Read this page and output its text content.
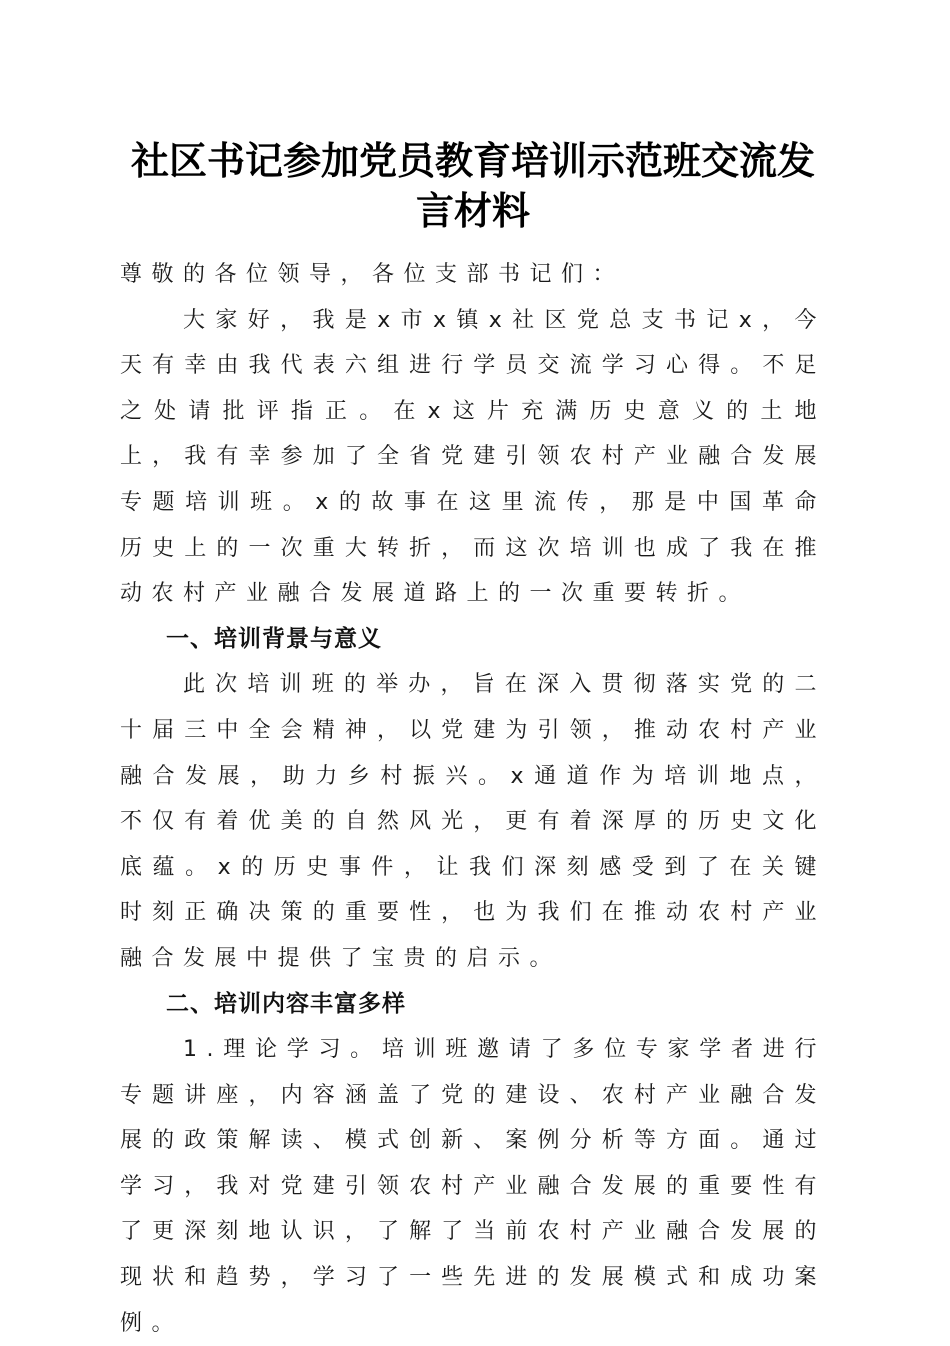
社区书记参加党员教育培训示范班交流发言材料

尊敬的各位领导，各位支部书记们：

大家好，我是x市x镇x社区党总支书记x，今天有幸由我代表六组进行学员交流学习心得。不足之处请批评指正。在x这片充满历史意义的土地上，我有幸参加了全省党建引领农村产业融合发展专题培训班。x的故事在这里流传，那是中国革命历史上的一次重大转折，而这次培训也成了我在推动农村产业融合发展道路上的一次重要转折。

一、培训背景与意义

此次培训班的举办，旨在深入贯彻落实党的二十届三中全会精神，以党建为引领，推动农村产业融合发展，助力乡村振兴。x通道作为培训地点，不仅有着优美的自然风光，更有着深厚的历史文化底蕴。x的历史事件，让我们深刻感受到了在关键时刻正确决策的重要性，也为我们在推动农村产业融合发展中提供了宝贵的启示。

二、培训内容丰富多样

1.理论学习。培训班邀请了多位专家学者进行专题讲座，内容涵盖了党的建设、农村产业融合发展的政策解读、模式创新、案例分析等方面。通过学习，我对党建引领农村产业融合发展的重要性有了更深刻地认识，了解了当前农村产业融合发展的现状和趋势，学习了一些先进的发展模式和成功案例。
